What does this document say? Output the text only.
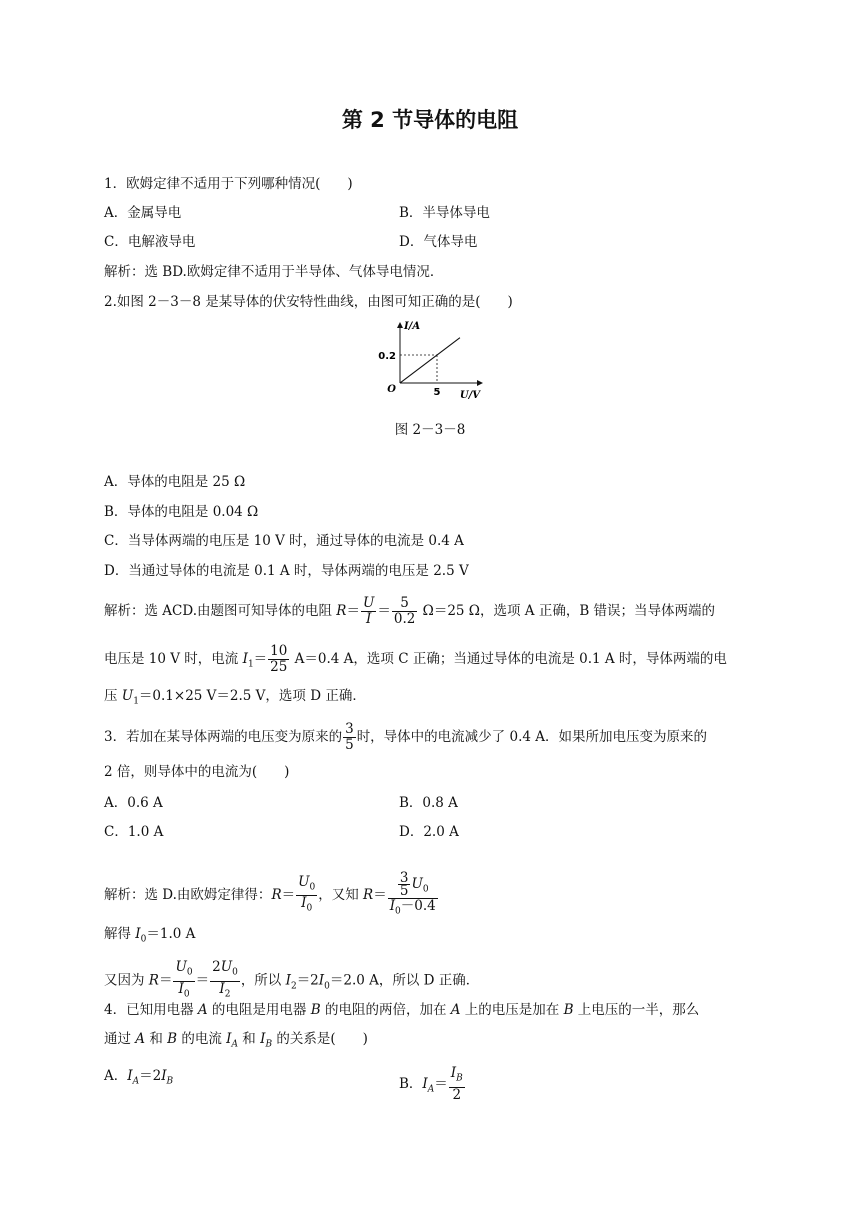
第 2 节导体的电阻
1．欧姆定律不适用于下列哪种情况(　　)
A．金属导电	B．半导体导电
C．电解液导电	D．气体导电
解析：选 BD.欧姆定律不适用于半导体、气体导电情况．
2.如图 2－3－8 是某导体的伏安特性曲线，由图可知正确的是(　　)
5
0.2
O
U/V
I/A
图 2－3－8
A．导体的电阻是 25 Ω
B．导体的电阻是 0.04 Ω
C．当导体两端的电压是 10 V 时，通过导体的电流是 0.4 A
D．当通过导体的电流是 0.1 A 时，导体两端的电压是 2.5 V
解析：选 ACD.由题图可知导体的电阻 $R= \frac{U}{I} = \frac{5}{0.2} \Omega=25$ Ω，选项 A 正确，B 错误；当导体两端的
电压是 10 V 时，电流 $I_1= \frac{10}{25} A=0.4$ A，选项 C 正确；当通过导体的电流是 0.1 A 时，导体两端的电
压 $U_1=0.1\times 25$ V＝2.5 V，选项 D 正确．
3．若加在某导体两端的电压变为原来的 $\frac{3}{5}$ 时，导体中的电流减少了 0.4 A．如果所加电压变为原来的
2 倍，则导体中的电流为(　　)
A．0.6 A	B．0.8 A
C．1.0 A	D．2.0 A
解析：选 D.由欧姆定律得：$R= \frac{U_0}{I_0}$ ，又知 $R= \frac{\frac{3}{5} U_0}{I_0-0.4}$
解得 $I_0=1.0$ A
又因为 $R= \frac{U_0}{I_0} = \frac{2U_0}{I_2}$ ，所以 $I_2=2I_0=2.0$ A，所以 D 正确．
4．已知用电器 A 的电阻是用电器 B 的电阻的两倍，加在 A 上的电压是加在 B 上电压的一半，那么
通过 A 和 B 的电流 $I_A$ 和 $I_B$ 的关系是(　　)
A．$I_A=2I_B$	B．$I_A= \frac{I_B}{2}$
